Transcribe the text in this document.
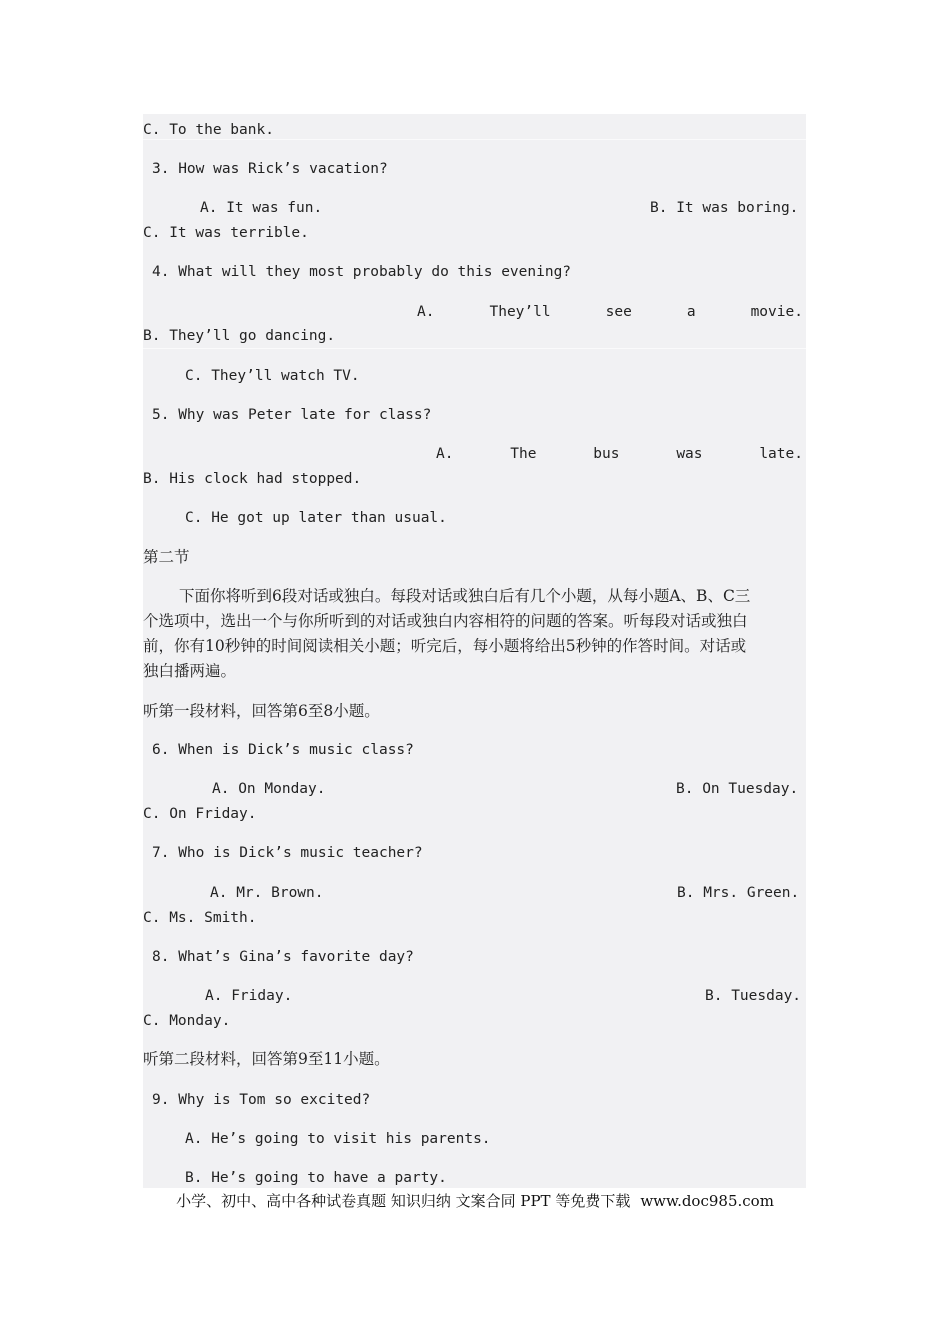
C. To the bank.
3. How was Rick’s vacation?
A. It was fun.	B. It was boring.
C. It was terrible.
4. What will they most probably do this evening?
A.	They’ll	see	a	movie.
B. They’ll go dancing.
C. They’ll watch TV.
5. Why was Peter late for class?
A.	The	bus	was	late.
B. His clock had stopped.
C. He got up later than usual.
第二节
下面你将听到6段对话或独白。每段对话或独白后有几个小题，从每小题A、B、C三
个选项中，选出一个与你所听到的对话或独白内容相符的问题的答案。听每段对话或独白
前，你有10秒钟的时间阅读相关小题；听完后，每小题将给出5秒钟的作答时间。对话或
独白播两遍。
听第一段材料，回答第6至8小题。
6. When is Dick’s music class?
A. On Monday.	B. On Tuesday.
C. On Friday.
7. Who is Dick’s music teacher?
A. Mr. Brown.	B. Mrs. Green.
C. Ms. Smith.
8. What’s Gina’s favorite day?
A. Friday.	B. Tuesday.
C. Monday.
听第二段材料，回答第9至11小题。
9. Why is Tom so excited?
A. He’s going to visit his parents.
B. He’s going to have a party.
小学、初中、高中各种试卷真题 知识归纳 文案合同 PPT 等免费下载 www.doc985.com
